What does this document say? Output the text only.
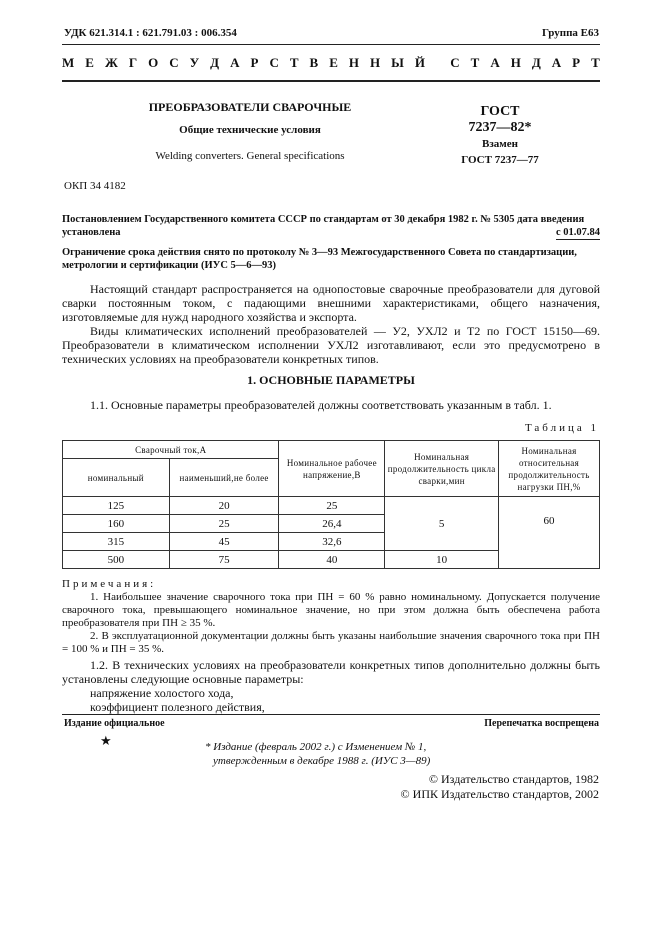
УДК 621.314.1 : 621.791.03 : 006.354	Группа Е63
М Е Ж Г О С У Д А Р С Т В Е Н Н Ы Й
С Т А Н Д А Р Т
ПРЕОБРАЗОВАТЕЛИ СВАРОЧНЫЕ
Общие технические условия
Welding converters. General specifications
ГОСТ
7237—82*
Взамен
ГОСТ 7237—77
ОКП 34 4182
Постановлением Государственного комитета СССР по стандартам от 30 декабря 1982 г. № 5305 дата введения установлена	с 01.07.84
Ограничение срока действия снято по протоколу № 3—93 Межгосударственного Совета по стандартизации, метрологии и сертификации (ИУС 5—6—93)

Настоящий стандарт распространяется на однопостовые сварочные преобразователи для дуговой сварки постоянным током, с падающими внешними характеристиками, общего назначения, изготовляемые для нужд народного хозяйства и экспорта.

Виды климатических исполнений преобразователей — У2, УХЛ2 и Т2 по ГОСТ 15150—69. Преобразователи в климатическом исполнении УХЛ2 изготавливают, если это предусмотрено в технических условиях на преобразователи конкретных типов.

1. ОСНОВНЫЕ ПАРАМЕТРЫ

1.1. Основные параметры преобразователей должны соответствовать указанным в табл. 1.

Таблица 1
Сварочный ток,А		Номинальное рабочее напряжение,В	Номинальная продолжительность цикла сварки,мин	Номинальная относительная продолжительность нагрузки ПН,%
номинальный	наименьший,не более			
125	20	25	5	60
160	25	26,4		
315	45	32,6		
500	75	40	10	

Примечания:

1. Наибольшее значение сварочного тока при ПН = 60 % равно номинальному. Допускается получение сварочного тока, превышающего номинальное значение, но при этом должна быть обеспечена работа преобразователя при ПН ≥ 35 %.

2. В эксплуатационной документации должны быть указаны наибольшие значения сварочного тока при ПН = 100 % и ПН = 35 %.

1.2. В технических условиях на преобразователи конкретных типов дополнительно должны быть установлены следующие основные параметры:

напряжение холостого хода,

коэффициент полезного действия,

Издание официальное	Перепечатка воспрещена
★	* Издание (февраль 2002 г.) с Изменением № 1,
утвержденным в декабре 1988 г. (ИУС 3—89)
© Издательство стандартов, 1982
© ИПК Издательство стандартов, 2002
